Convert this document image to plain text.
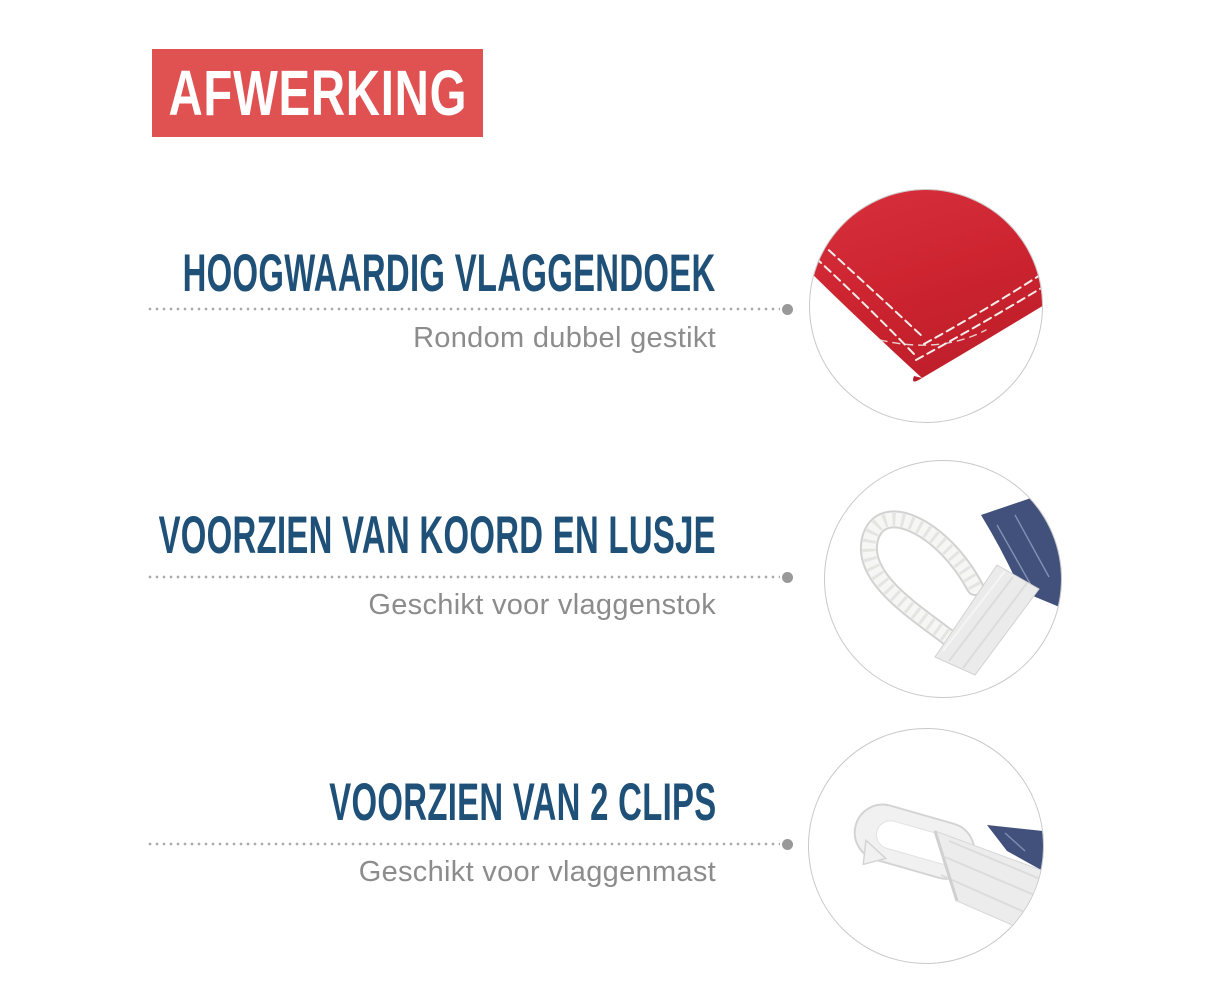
AFWERKING
HOOGWAARDIG VLAGGENDOEK
Rondom dubbel gestikt
VOORZIEN VAN KOORD EN LUSJE
Geschikt voor vlaggenstok
VOORZIEN VAN 2 CLIPS
Geschikt voor vlaggenmast
